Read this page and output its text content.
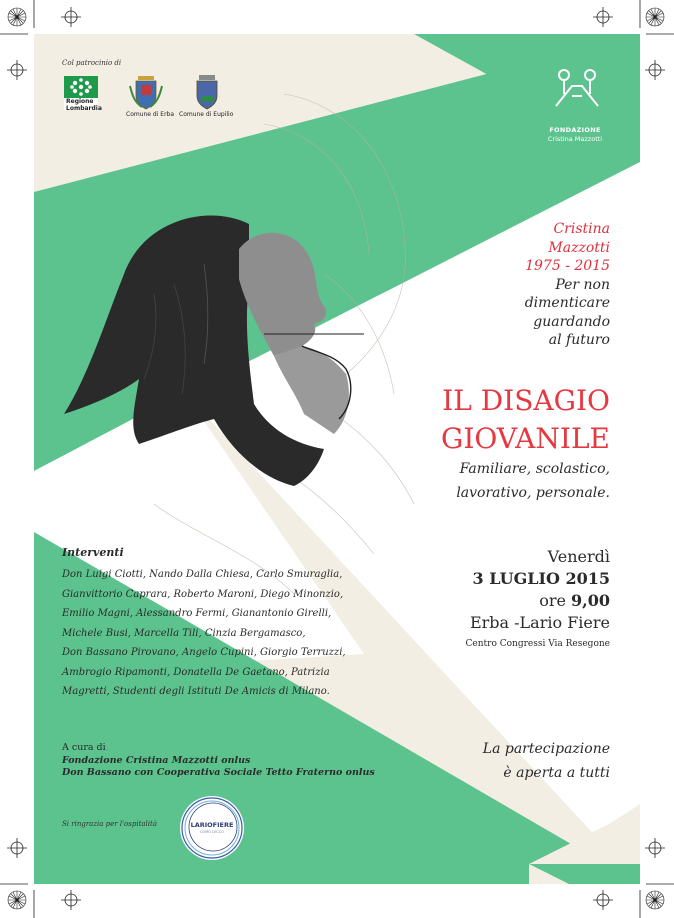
Col patrocinio di
Regione
Lombardia
Comune di Erba Comune di Eupilio
FONDAZIONE
Cristina Mazzotti
Cristina
Mazzotti
1975 - 2015
Per non
dimenticare
guardando
al futuro
IL DISAGIO
GIOVANILE
Familiare, scolastico,
lavorativo, personale.
Venerdì
3 LUGLIO 2015
ore 9,00
Erba -Lario Fiere
Centro Congressi Via Resegone
Interventi
Don Luigi Ciotti, Nando Dalla Chiesa, Carlo Smuraglia,
Gianvittorio Caprara, Roberto Maroni, Diego Minonzio,
Emilio Magni, Alessandro Fermi, Gianantonio Girelli,
Michele Busi, Marcella Tili, Cinzia Bergamasco,
Don Bassano Pirovano, Angelo Cupini, Giorgio Terruzzi,
Ambrogio Ripamonti, Donatella De Gaetano, Patrizia
Magretti, Studenti degli Istituti De Amicis di Milano.
A cura di
Fondazione Cristina Mazzotti onlus
Don Bassano con Cooperativa Sociale Tetto Fraterno onlus
La partecipazione
è aperta a tutti
Si ringrazia per l'ospitalità	LARIOFIERE
COMO LECCO
